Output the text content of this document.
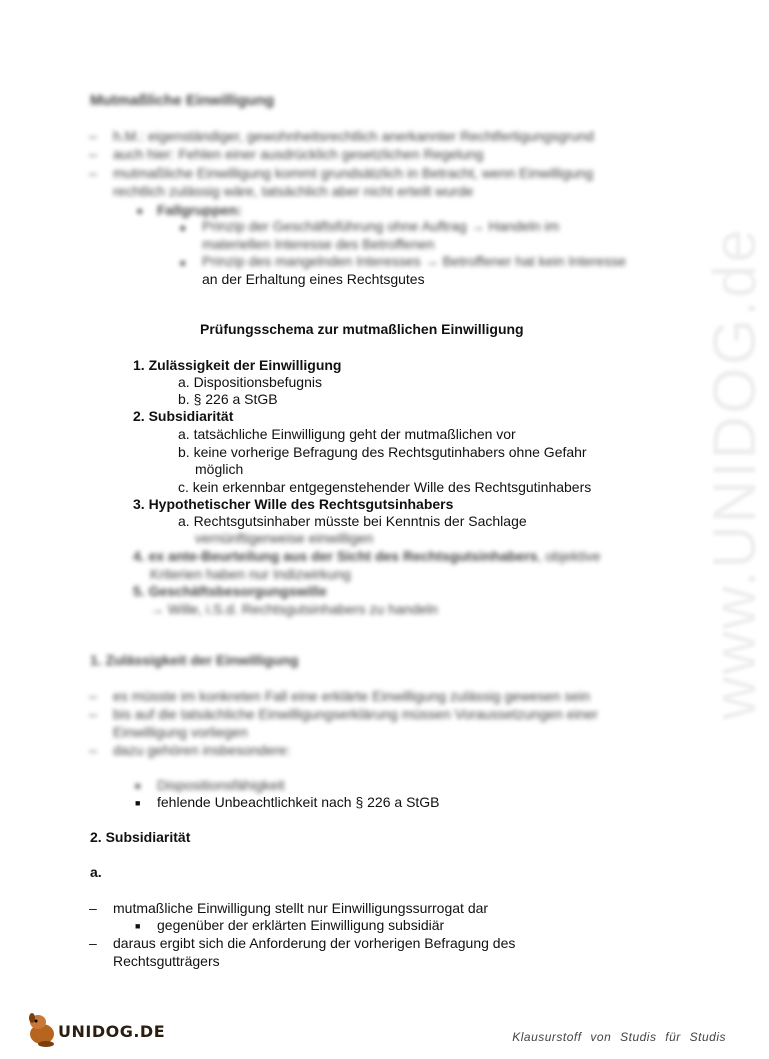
www.UNIDOG.de
Mutmaßliche Einwilligung
– h.M.: eigenständiger, gewohnheitsrechtlich anerkannter Rechtfertigungsgrund
– auch hier: Fehlen einer ausdrücklich gesetzlichen Regelung
– mutmaßliche Einwilligung kommt grundsätzlich in Betracht, wenn Einwilligung
rechtlich zulässig wäre, tatsächlich aber nicht erteilt wurde
■ Fallgruppen:
■ Prinzip der Geschäftsführung ohne Auftrag → Handeln im
materiellen Interesse des Betroffenen
■ Prinzip des mangelnden Interesses → Betroffener hat kein Interesse
an der Erhaltung eines Rechtsgutes
Prüfungsschema zur mutmaßlichen Einwilligung
1. Zulässigkeit der Einwilligung
a. Dispositionsbefugnis
b. § 226 a StGB
2. Subsidiarität
a. tatsächliche Einwilligung geht der mutmaßlichen vor
b. keine vorherige Befragung des Rechtsgutinhabers ohne Gefahr
möglich
c. kein erkennbar entgegenstehender Wille des Rechtsgutinhabers
3. Hypothetischer Wille des Rechtsgutsinhabers
a. Rechtsgutsinhaber müsste bei Kenntnis der Sachlage
vernünftigerweise einwilligen
4. ex ante-Beurteilung aus der Sicht des Rechtsgutsinhabers, objektive
Kriterien haben nur Indizwirkung
5. Geschäftsbesorgungswille
→ Wille, i.S.d. Rechtsgutsinhabers zu handeln
1. Zulässigkeit der Einwilligung
– es müsste im konkreten Fall eine erklärte Einwilligung zulässig gewesen sein
– bis auf die tatsächliche Einwilligungserklärung müssen Voraussetzungen einer
Einwilligung vorliegen
– dazu gehören insbesondere:
■ Dispositionsfähigkeit
■ fehlende Unbeachtlichkeit nach § 226 a StGB
2. Subsidiarität
a.
– mutmaßliche Einwilligung stellt nur Einwilligungssurrogat dar
■ gegenüber der erklärten Einwilligung subsidiär
– daraus ergibt sich die Anforderung der vorherigen Befragung des
Rechtsgutträgers
UNIDOG.DE	Klausurstoff von Studis für Studis
